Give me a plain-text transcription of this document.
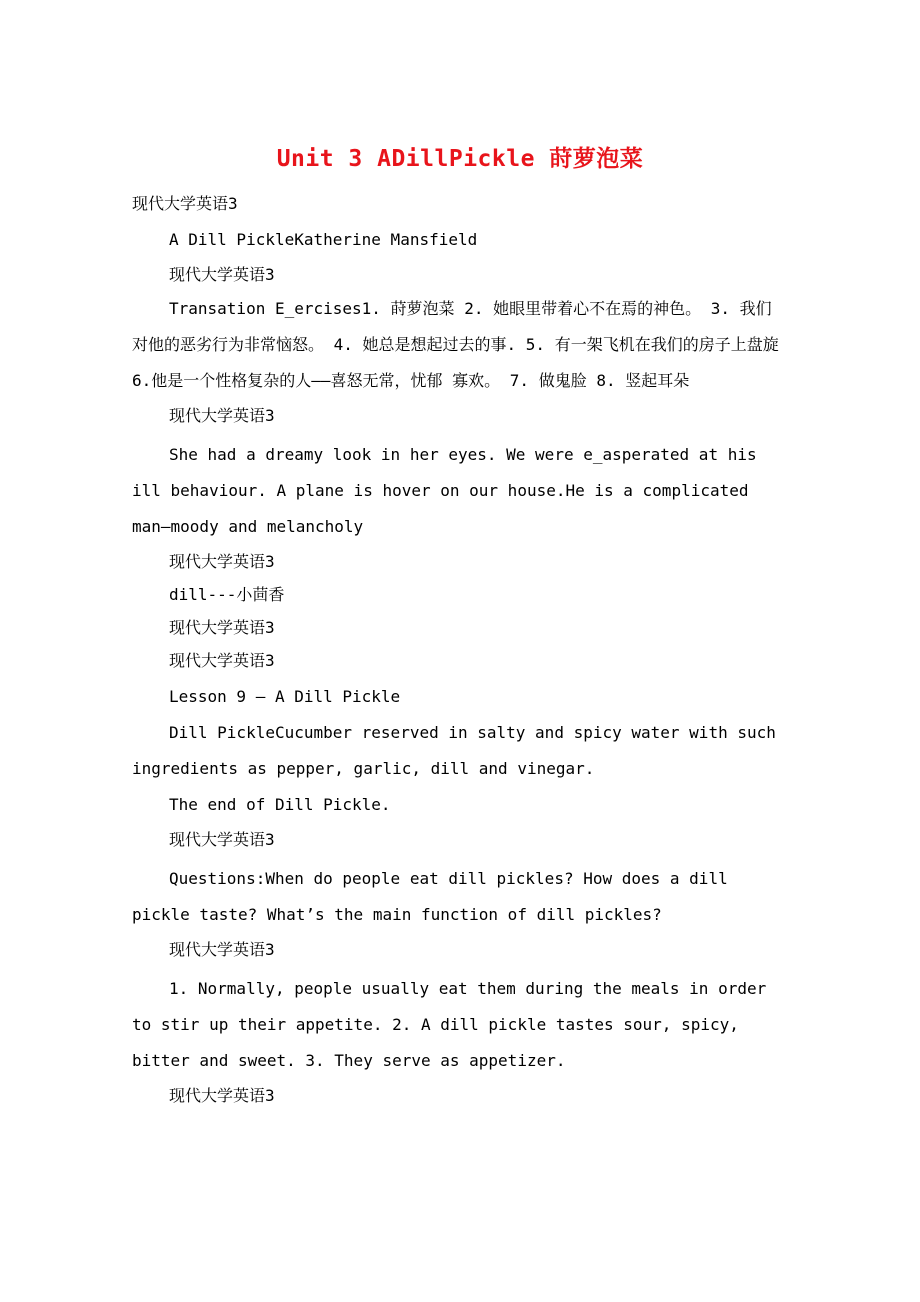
Unit 3 ADillPickle 莳萝泡菜

现代大学英语3

A Dill PickleKatherine Mansfield

现代大学英语3

Transation E_ercises1. 莳萝泡菜 2. 她眼里带着心不在焉的神色。 3. 我们对他的恶劣行为非常恼怒。 4. 她总是想起过去的事. 5. 有一架飞机在我们的房子上盘旋 6.他是一个性格复杂的人——喜怒无常，忧郁 寡欢。 7. 做鬼脸 8. 竖起耳朵

现代大学英语3

She had a dreamy look in her eyes. We were e_asperated at his ill behaviour. A plane is hover on our house.He is a complicated man—moody and melancholy

现代大学英语3

dill---小茴香

现代大学英语3

现代大学英语3

Lesson 9 – A Dill Pickle

Dill PickleCucumber reserved in salty and spicy water with such ingredients as pepper, garlic, dill and vinegar.

The end of Dill Pickle.

现代大学英语3

Questions:When do people eat dill pickles? How does a dill pickle taste? What’s the main function of dill pickles?

现代大学英语3

1. Normally, people usually eat them during the meals in order to stir up their appetite. 2. A dill pickle tastes sour, spicy, bitter and sweet. 3. They serve as appetizer.

现代大学英语3
